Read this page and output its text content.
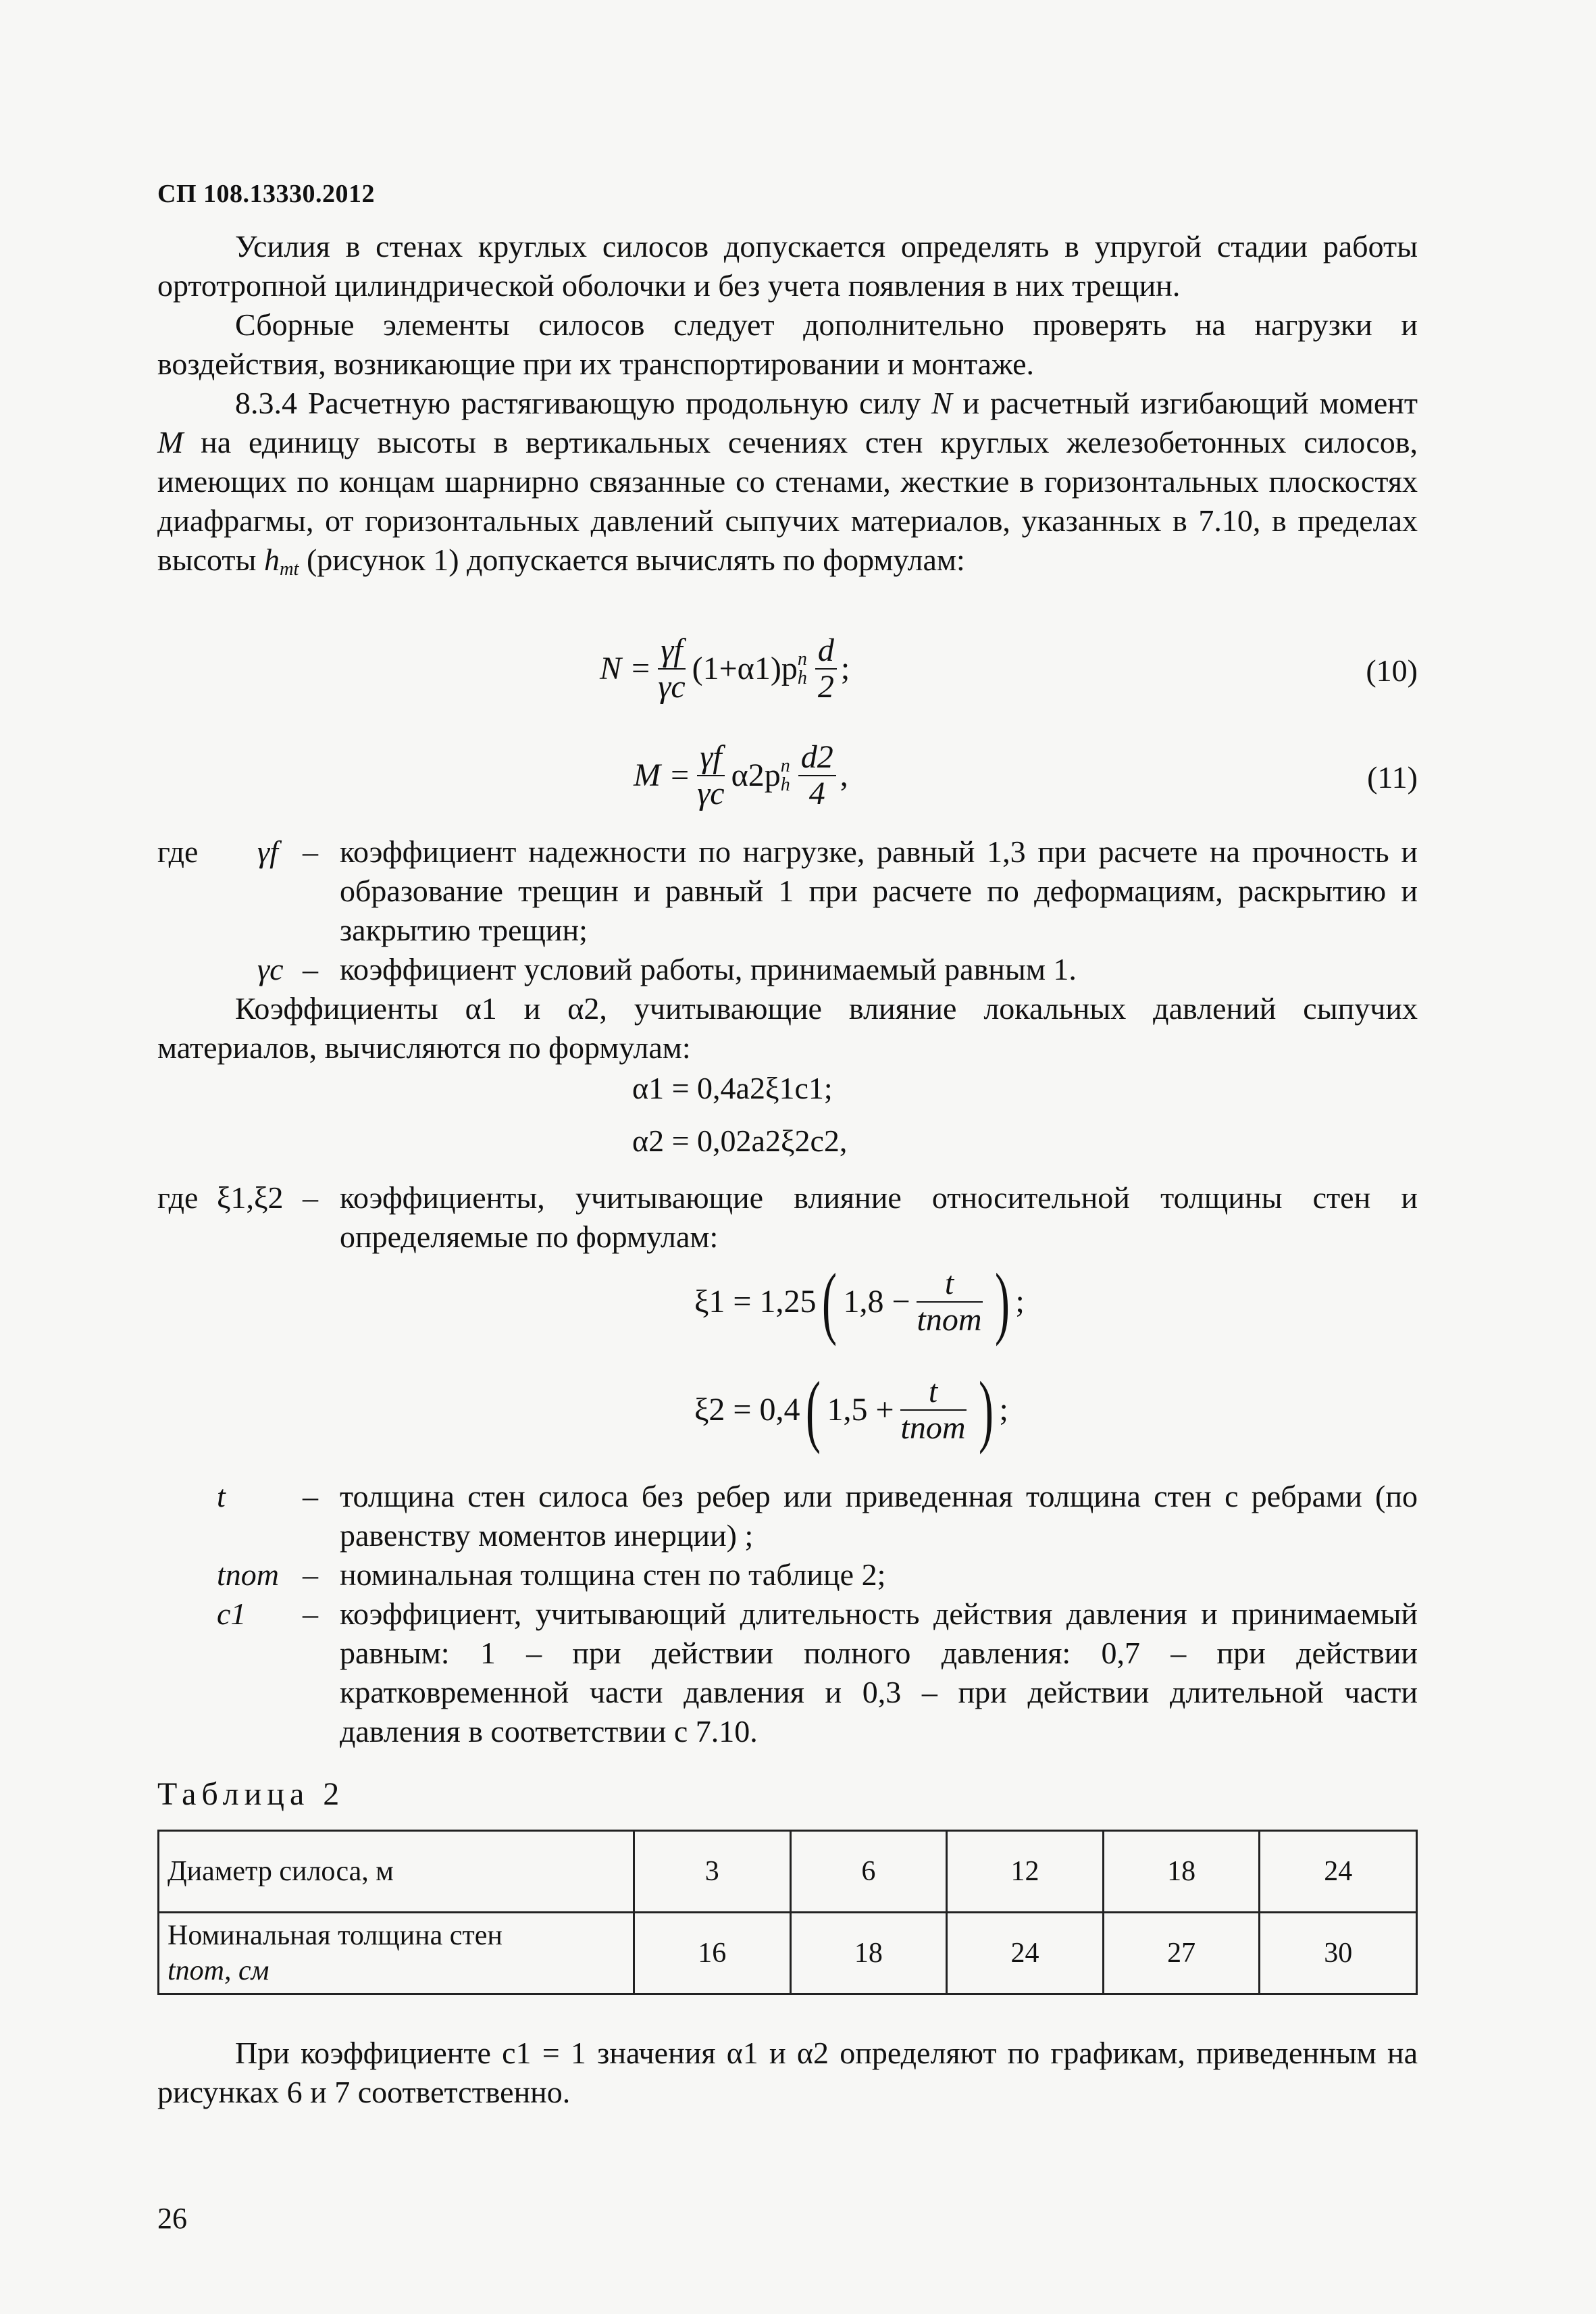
СП 108.13330.2012

Усилия в стенах круглых силосов допускается определять в упругой стадии работы ортотропной цилиндрической оболочки и без учета появления в них трещин.

Сборные элементы силосов следует дополнительно проверять на нагрузки и воздействия, возникающие при их транспортировании и монтаже.

8.3.4 Расчетную растягивающую продольную силу N и расчетный изгибающий момент M на единицу высоты в вертикальных сечениях стен круглых железобетонных силосов, имеющих по концам шарнирно связанные со стенами, жесткие в горизонтальных плоскостях диафрагмы, от горизонтальных давлений сыпучих материалов, указанных в 7.10, в пределах высоты $h_{mt}$ (рисунок 1) допускается вычислять по формулам:

$N = \frac{\gamma f}{\gamma c} (1+\alpha 1)p$ n
h $\frac{d}{2}$ ;	(10)
$M = \frac{\gamma f}{\gamma c} \alpha 2p$ n
h $\frac{d2}{4}$ ,	(11)
где γf – коэффициент надежности по нагрузке, равный 1,3 при расчете на прочность и образование трещин и равный 1 при расчете по деформациям, раскрытию и закрытию трещин;
γc – коэффициент условий работы, принимаемый равным 1.

Коэффициенты α1 и α2, учитывающие влияние локальных давлений сыпучих материалов, вычисляются по формулам:

α1 = 0,4a2ξ1c1;
α2 = 0,02a2ξ2c2,
где ξ1,ξ2 – коэффициенты, учитывающие влияние относительной толщины стен и определяемые по формулам:
ξ1 = 1,25 ( $1,8 - \frac{t}{\text{tnom}}$ ) ;
ξ2 = 0,4 ( $1,5 + \frac{t}{\text{tnom}}$ ) ;
t – толщина стен силоса без ребер или приведенная толщина стен с ребрами (по равенству моментов инерции) ;
tnom – номинальная толщина стен по таблице 2;
c1 – коэффициент, учитывающий длительность действия давления и принимаемый равным: 1 – при действии полного давления: 0,7 – при действии кратковременной части давления и 0,3 – при действии длительной части давления в соответствии с 7.10.
Таблица 2
Диаметр силоса, м	3	6	12	18	24

Номинальная толщина стен
tnom, см	16	18	24	27	30

При коэффициенте c1 = 1 значения α1 и α2 определяют по графикам, приведенным на рисунках 6 и 7 соответственно.

26
